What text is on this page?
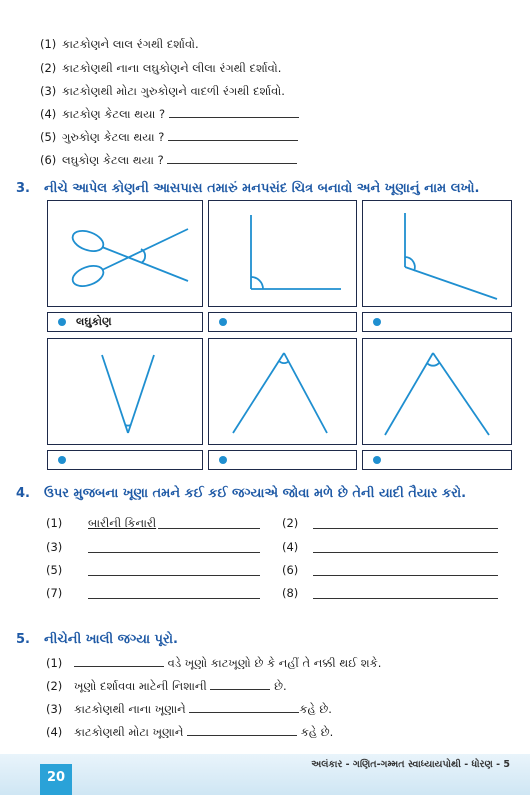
(1) કાટકોણને લાલ રંગથી દર્શાવો.
(2) કાટકોણથી નાના લઘુકોણને લીલા રંગથી દર્શાવો.
(3) કાટકોણથી મોટા ગુરુકોણને વાદળી રંગથી દર્શાવો.
(4) કાટકોણ કેટલા થયા ?
(5) ગુરુકોણ કેટલા થયા ?
(6) લઘુકોણ કેટલા થયા ?
3. નીચે આપેલ કોણની આસપાસ તમારું મનપસંદ ચિત્ર બનાવો અને ખૂણાનું નામ લખો.
લઘુકોણ
4. ઉપર મુજબના ખૂણા તમને કઈ કઈ જગ્યાએ જોવા મળે છે તેની યાદી તૈયાર કરો.
(1) બારીની કિનારી	(2)
(3)	(4)
(5)	(6)
(7)	(8)
5. નીચેની ખાલી જગ્યા પૂરો.
(1)	વડે ખૂણો કાટખૂણો છે કે નહીં તે નક્કી થઈ શકે.
(2) ખૂણો દર્શાવવા માટેની નિશાની	છે.
(3) કાટકોણથી નાના ખૂણાને	કહે છે.
(4) કાટકોણથી મોટા ખૂણાને	કહે છે.
અલંકાર - ગણિત-ગમ્મત સ્વાધ્યાયપોથી - ધોરણ - 5
20
